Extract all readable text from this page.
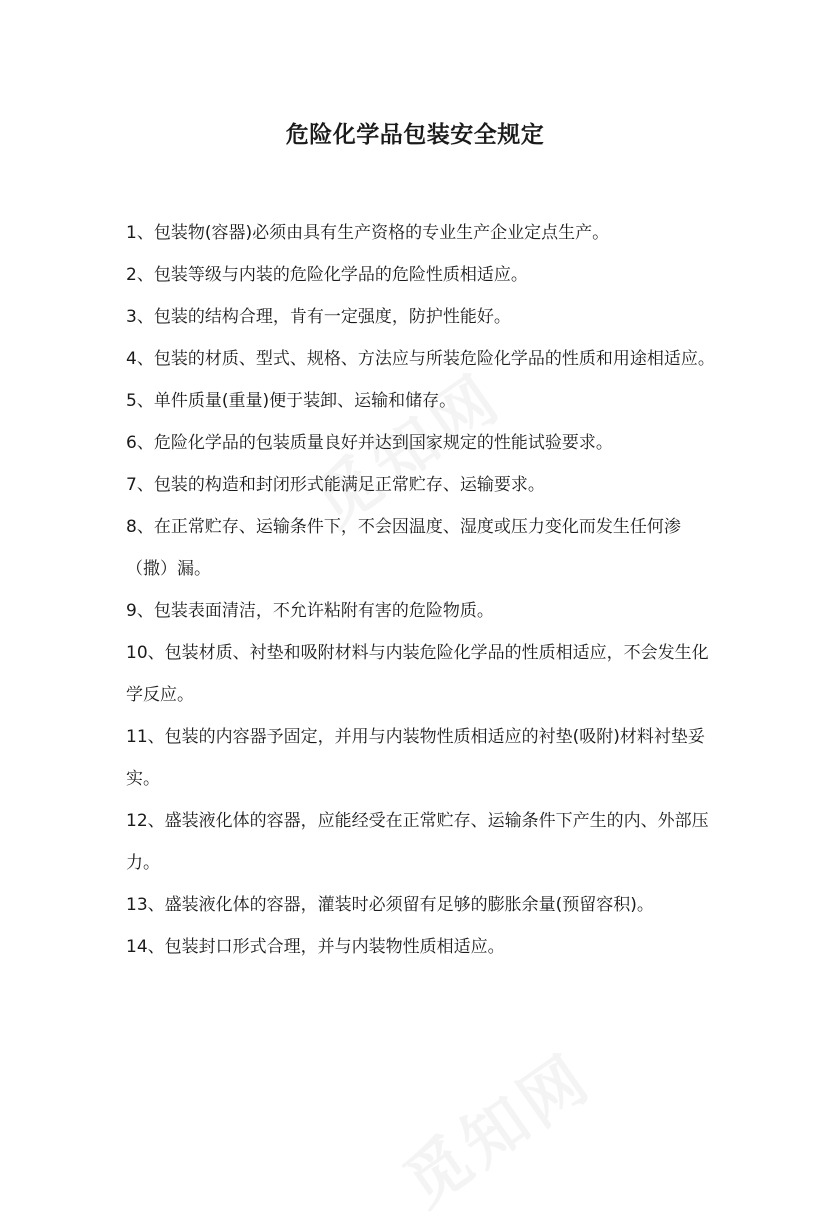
危险化学品包装安全规定
1、包装物(容器)必须由具有生产资格的专业生产企业定点生产。
2、包装等级与内装的危险化学品的危险性质相适应。
3、包装的结构合理，肯有一定强度，防护性能好。
4、包装的材质、型式、规格、方法应与所装危险化学品的性质和用途相适应。
5、单件质量(重量)便于装卸、运输和储存。
6、危险化学品的包装质量良好并达到国家规定的性能试验要求。
7、包装的构造和封闭形式能满足正常贮存、运输要求。
8、在正常贮存、运输条件下，不会因温度、湿度或压力变化而发生任何渗（撒）漏。
9、包装表面清洁，不允许粘附有害的危险物质。
10、包装材质、衬垫和吸附材料与内装危险化学品的性质相适应，不会发生化学反应。
11、包装的内容器予固定，并用与内装物性质相适应的衬垫(吸附)材料衬垫妥实。
12、盛装液化体的容器，应能经受在正常贮存、运输条件下产生的内、外部压力。
13、盛装液化体的容器，灌装时必须留有足够的膨胀余量(预留容积)。
14、包装封口形式合理，并与内装物性质相适应。
